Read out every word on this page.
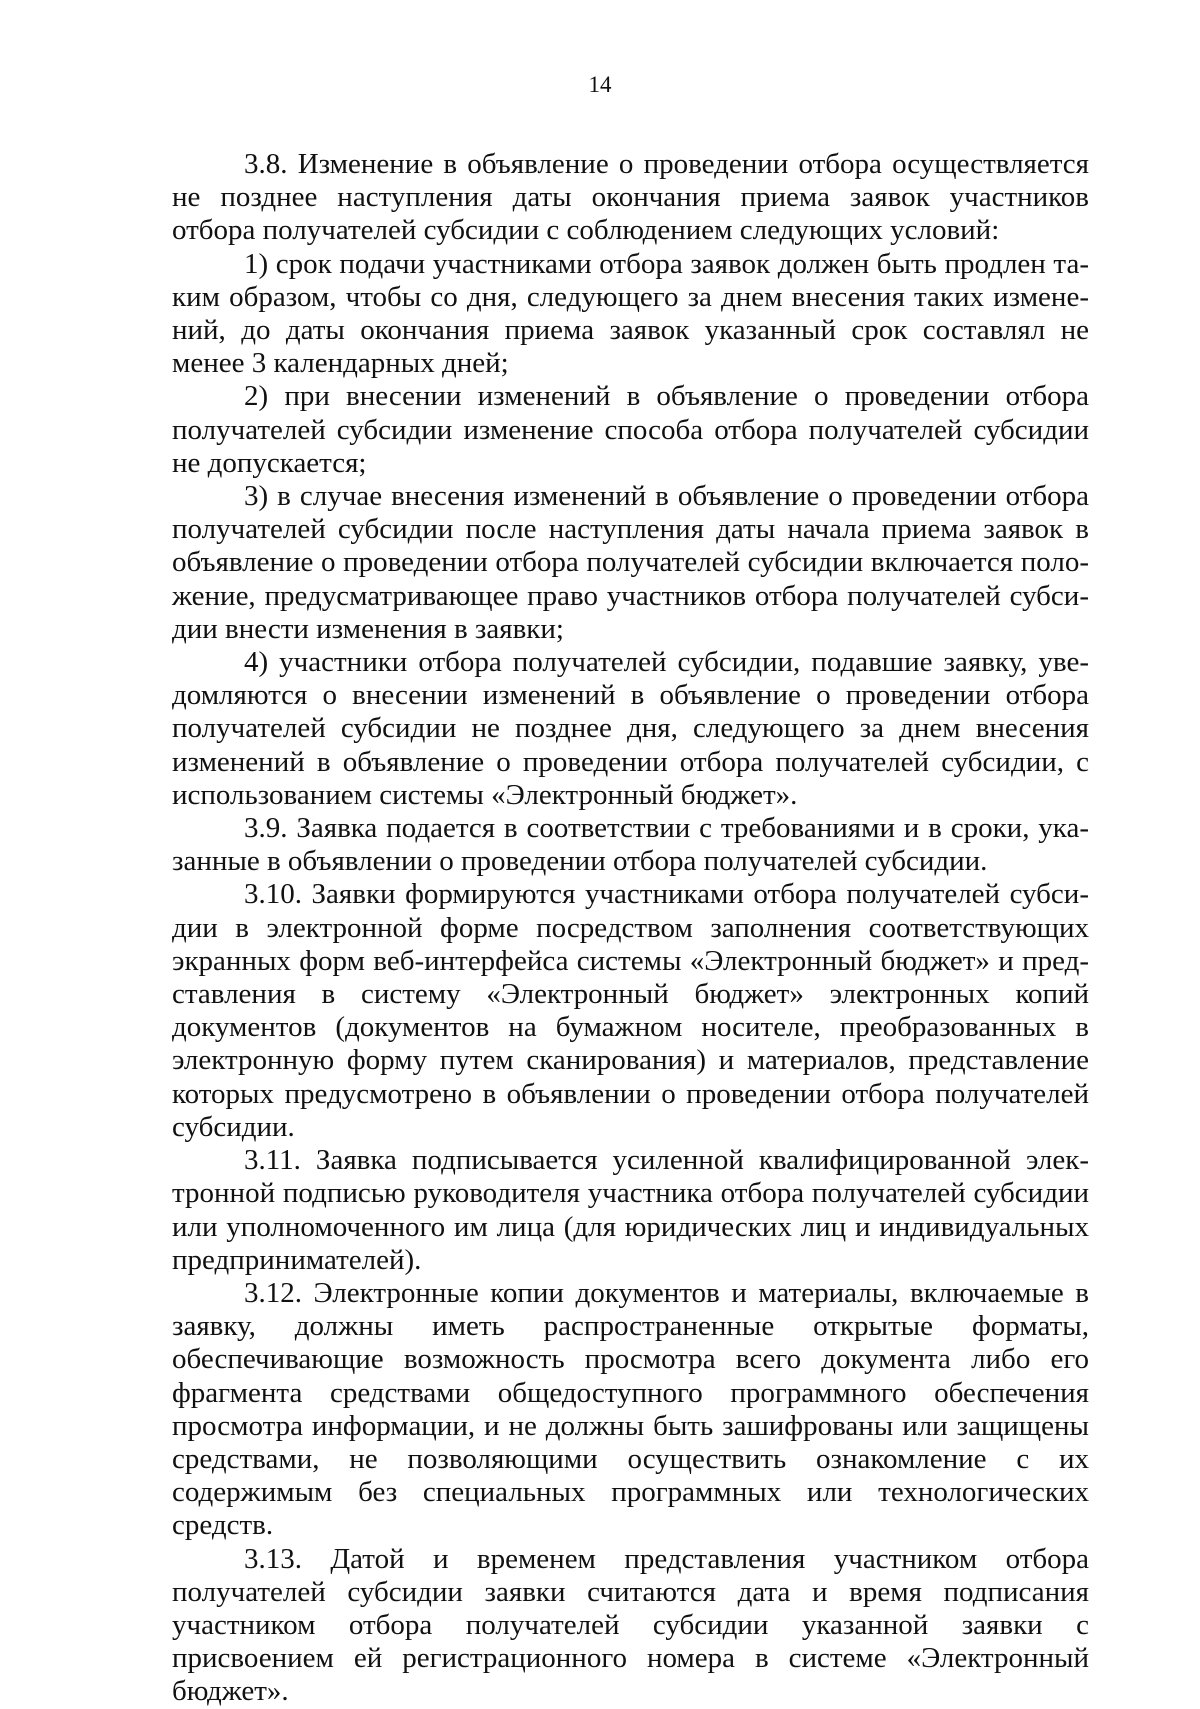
14

3.8. Изменение в объявление о проведении отбора осуществляется не позднее наступления даты окончания приема заявок участников отбора получателей субсидии с соблюдением следующих условий:

1) срок подачи участниками отбора заявок должен быть продлен таким образом, чтобы со дня, следующего за днем внесения таких изменений, до даты окончания приема заявок указанный срок составлял не менее 3 календарных дней;

2) при внесении изменений в объявление о проведении отбора получателей субсидии изменение способа отбора получателей субсидии не допускается;

3) в случае внесения изменений в объявление о проведении отбора получателей субсидии после наступления даты начала приема заявок в объявление о проведении отбора получателей субсидии включается положение, предусматривающее право участников отбора получателей субсидии внести изменения в заявки;

4) участники отбора получателей субсидии, подавшие заявку, уведомляются о внесении изменений в объявление о проведении отбора получателей субсидии не позднее дня, следующего за днем внесения изменений в объявление о проведении отбора получателей субсидии, с использованием системы «Электронный бюджет».

3.9. Заявка подается в соответствии с требованиями и в сроки, указанные в объявлении о проведении отбора получателей субсидии.

3.10. Заявки формируются участниками отбора получателей субсидии в электронной форме посредством заполнения соответствующих экранных форм веб-интерфейса системы «Электронный бюджет» и представления в систему «Электронный бюджет» электронных копий документов (документов на бумажном носителе, преобразованных в электронную форму путем сканирования) и материалов, представление которых предусмотрено в объявлении о проведении отбора получателей субсидии.

3.11. Заявка подписывается усиленной квалифицированной электронной подписью руководителя участника отбора получателей субсидии или уполномоченного им лица (для юридических лиц и индивидуальных предпринимателей).

3.12. Электронные копии документов и материалы, включаемые в заявку, должны иметь распространенные открытые форматы, обеспечивающие возможность просмотра всего документа либо его фрагмента средствами общедоступного программного обеспечения просмотра информации, и не должны быть зашифрованы или защищены средствами, не позволяющими осуществить ознакомление с их содержимым без специальных программных или технологических средств.

3.13. Датой и временем представления участником отбора получателей субсидии заявки считаются дата и время подписания участником отбора получателей субсидии указанной заявки с присвоением ей регистрационного номера в системе «Электронный бюджет».
